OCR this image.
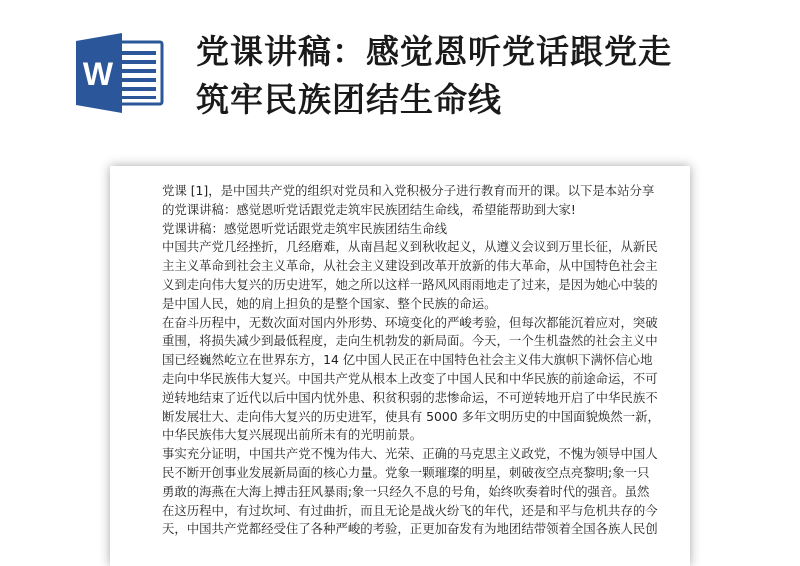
W
党课讲稿：感觉恩听党话跟党走
筑牢民族团结生命线
党课 [1]，是中国共产党的组织对党员和入党积极分子进行教育而开的课。以下是本站分享
的党课讲稿：感觉恩听党话跟党走筑牢民族团结生命线，希望能帮助到大家!
党课讲稿：感觉恩听党话跟党走筑牢民族团结生命线
中国共产党几经挫折，几经磨难，从南昌起义到秋收起义，从遵义会议到万里长征，从新民
主主义革命到社会主义革命，从社会主义建设到改革开放新的伟大革命，从中国特色社会主
义到走向伟大复兴的历史进军，她之所以这样一路风风雨雨地走了过来，是因为她心中装的
是中国人民，她的肩上担负的是整个国家、整个民族的命运。
在奋斗历程中，无数次面对国内外形势、环境变化的严峻考验，但每次都能沉着应对，突破
重围，将损失减少到最低程度，走向生机勃发的新局面。今天，一个生机盎然的社会主义中
国已经巍然屹立在世界东方，14 亿中国人民正在中国特色社会主义伟大旗帜下满怀信心地
走向中华民族伟大复兴。中国共产党从根本上改变了中国人民和中华民族的前途命运，不可
逆转地结束了近代以后中国内忧外患、积贫积弱的悲惨命运，不可逆转地开启了中华民族不
断发展壮大、走向伟大复兴的历史进军，使具有 5000 多年文明历史的中国面貌焕然一新，
中华民族伟大复兴展现出前所未有的光明前景。
事实充分证明，中国共产党不愧为伟大、光荣、正确的马克思主义政党，不愧为领导中国人
民不断开创事业发展新局面的核心力量。党象一颗璀璨的明星，刺破夜空点亮黎明;象一只
勇敢的海燕在大海上搏击狂风暴雨;象一只经久不息的号角，始终吹奏着时代的强音。虽然
在这历程中，有过坎坷、有过曲折，而且无论是战火纷飞的年代，还是和平与危机共存的今
天，中国共产党都经受住了各种严峻的考验，正更加奋发有为地团结带领着全国各族人民创
